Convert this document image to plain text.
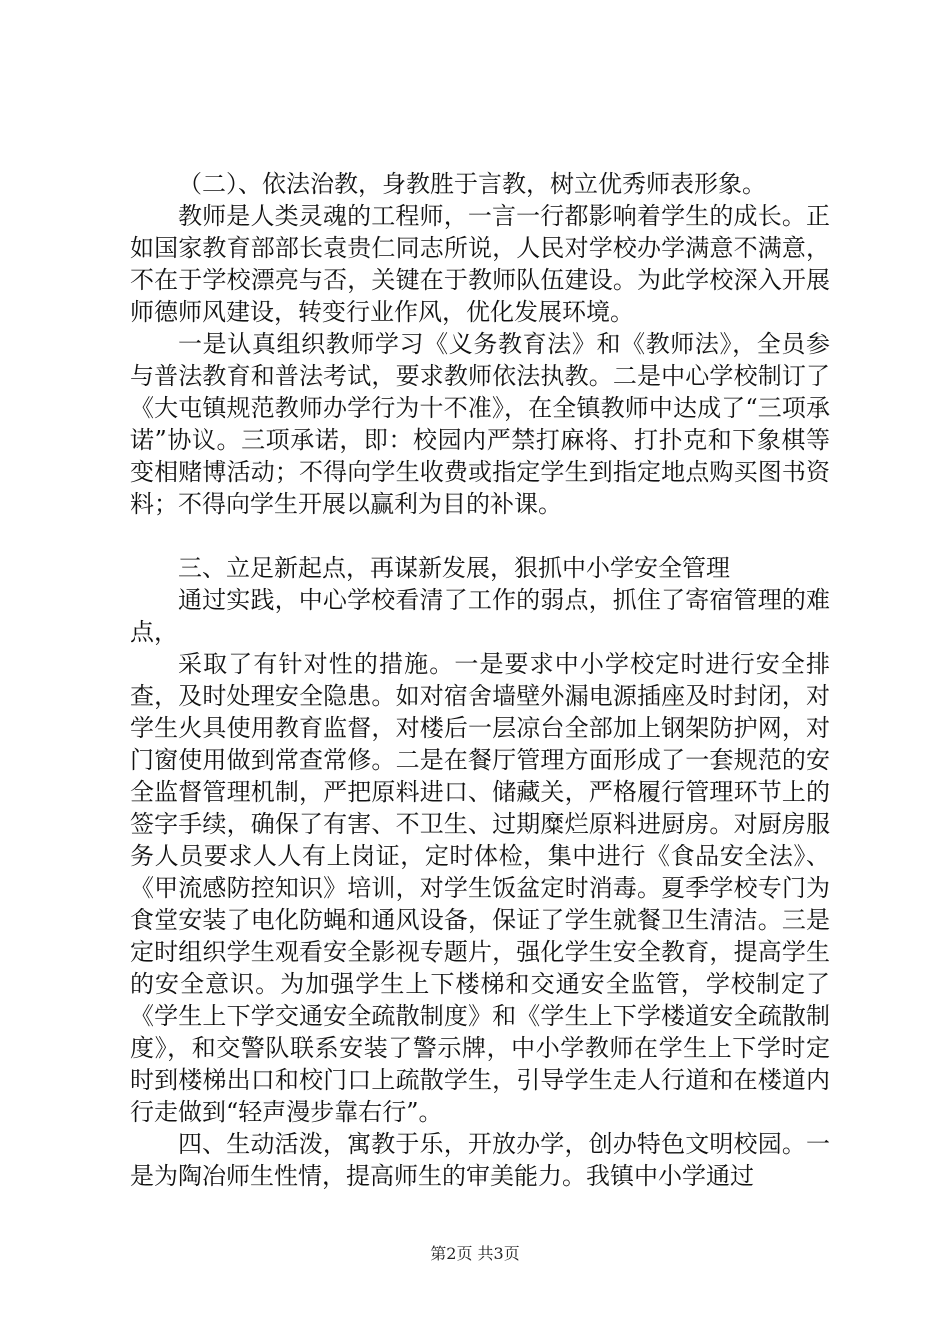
（二）、依法治教，身教胜于言教，树立优秀师表形象。

教师是人类灵魂的工程师，一言一行都影响着学生的成长。正如国家教育部部长袁贵仁同志所说，人民对学校办学满意不满意，不在于学校漂亮与否，关键在于教师队伍建设。为此学校深入开展师德师风建设，转变行业作风，优化发展环境。

一是认真组织教师学习《义务教育法》和《教师法》，全员参与普法教育和普法考试，要求教师依法执教。二是中心学校制订了《大屯镇规范教师办学行为十不准》，在全镇教师中达成了“三项承诺”协议。三项承诺，即：校园内严禁打麻将、打扑克和下象棋等变相赌博活动；不得向学生收费或指定学生到指定地点购买图书资料；不得向学生开展以赢利为目的补课。

三、立足新起点，再谋新发展，狠抓中小学安全管理

通过实践，中心学校看清了工作的弱点，抓住了寄宿管理的难点，

采取了有针对性的措施。一是要求中小学校定时进行安全排查，及时处理安全隐患。如对宿舍墙壁外漏电源插座及时封闭，对学生火具使用教育监督，对楼后一层凉台全部加上钢架防护网，对门窗使用做到常查常修。二是在餐厅管理方面形成了一套规范的安全监督管理机制，严把原料进口、储藏关，严格履行管理环节上的签字手续，确保了有害、不卫生、过期糜烂原料进厨房。对厨房服务人员要求人人有上岗证，定时体检，集中进行《食品安全法》、《甲流感防控知识》培训，对学生饭盆定时消毒。夏季学校专门为食堂安装了电化防蝇和通风设备，保证了学生就餐卫生清洁。三是定时组织学生观看安全影视专题片，强化学生安全教育，提高学生的安全意识。为加强学生上下楼梯和交通安全监管，学校制定了《学生上下学交通安全疏散制度》和《学生上下学楼道安全疏散制度》，和交警队联系安装了警示牌，中小学教师在学生上下学时定时到楼梯出口和校门口上疏散学生，引导学生走人行道和在楼道内行走做到“轻声漫步靠右行”。

四、生动活泼，寓教于乐，开放办学，创办特色文明校园。一是为陶冶师生性情，提高师生的审美能力。我镇中小学通过

第2页 共3页
